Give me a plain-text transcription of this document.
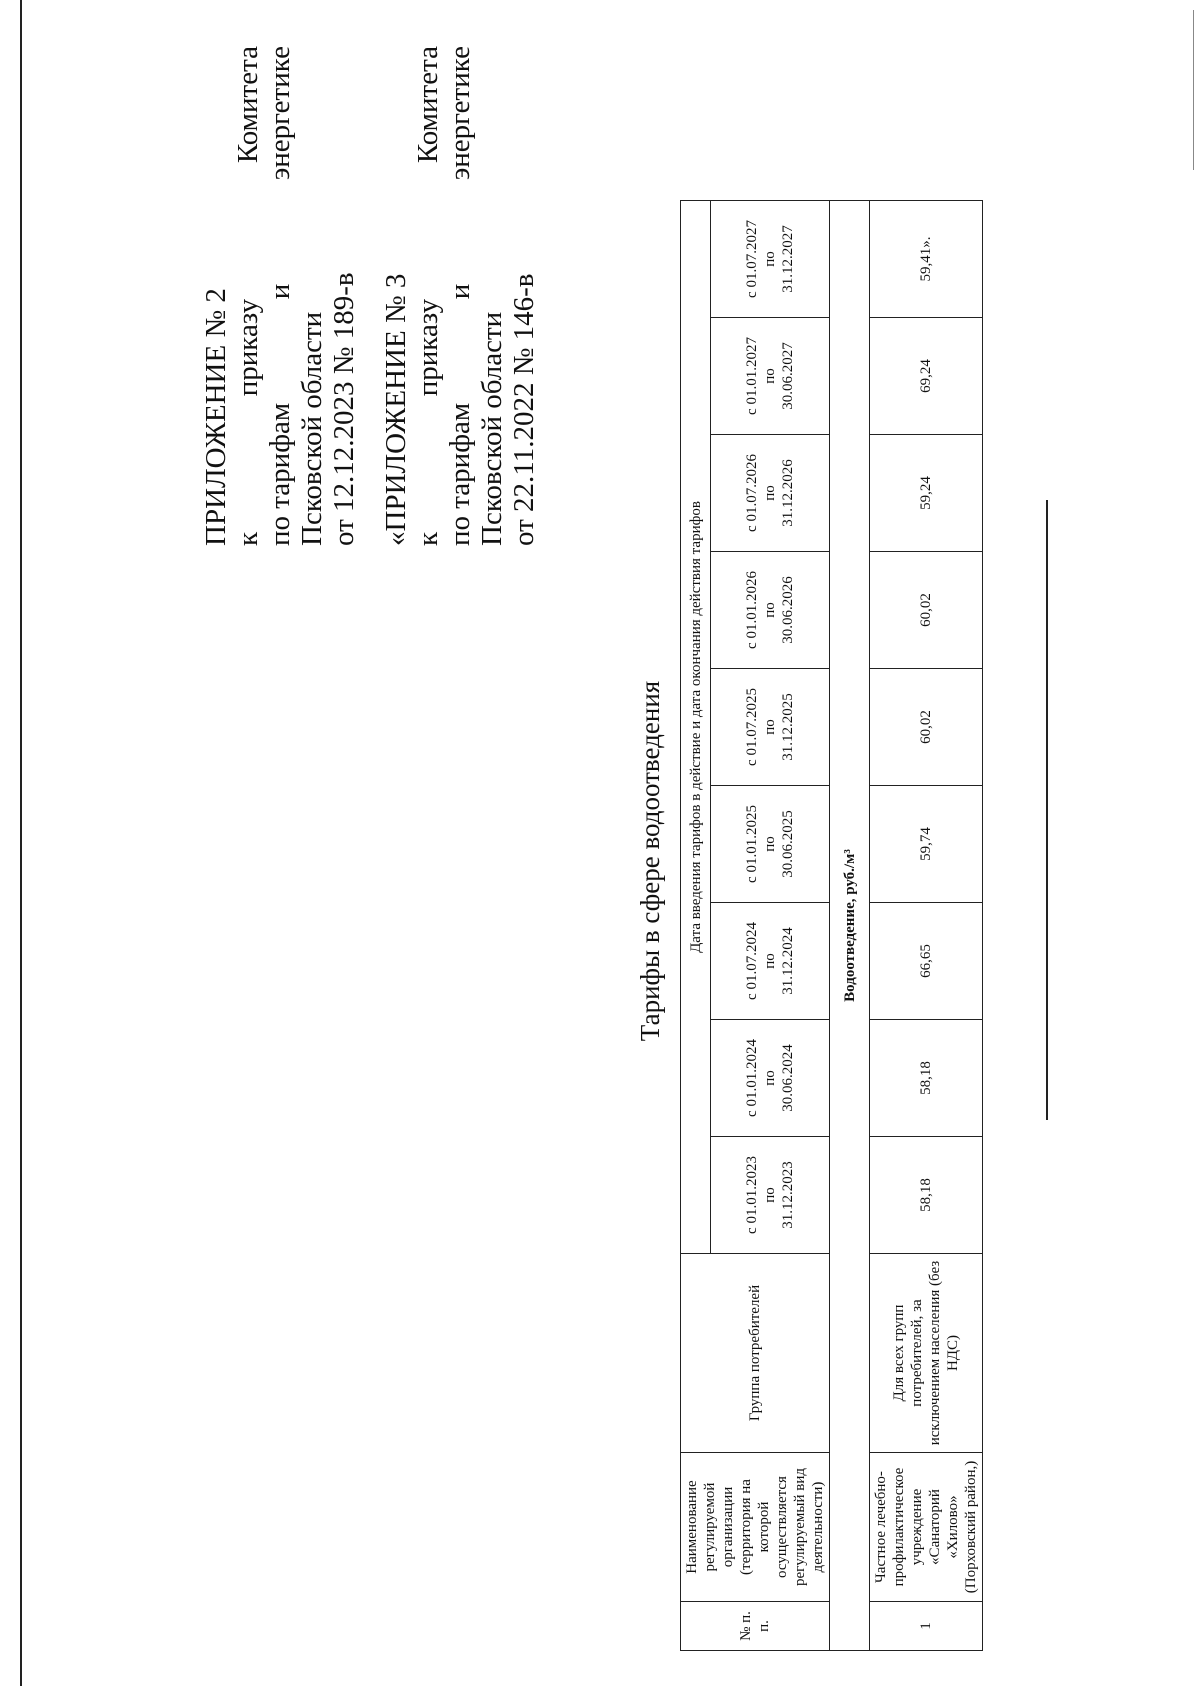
ПРИЛОЖЕНИЕ № 2 к
приказу
Комитета
по тарифам
и
энергетике
Псковской области от 12.12.2023 № 189-в «ПРИЛОЖЕНИЕ № 3 к
приказу
Комитета
по тарифам
и
энергетике
Псковской области от 22.11.2022 № 146-в
Тарифы в сфере водоотведения
№ п. п.	Наименование регулируемой организации (территория на которой осуществляется регулируемый вид деятельности)	Группа потребителей	Дата введения тарифов в действие и дата окончания действия тарифов								

			с 01.01.2023 по 31.12.2023	с 01.01.2024 по 30.06.2024	с 01.07.2024 по 31.12.2024	с 01.01.2025 по 30.06.2025	с 01.07.2025 по 31.12.2025	с 01.01.2026 по 30.06.2026	с 01.07.2026 по 31.12.2026	с 01.01.2027 по 30.06.2027	с 01.07.2027 по 31.12.2027

Водоотведение, руб./м³											
1	Частное лечебно-профилактическое учреждение «Санаторий «Хилово» (Порховский район,)	Для всех групп потребителей, за исключением населения (без НДС)	58,18	58,18	66,65	59,74	60,02	60,02	59,24	69,24	59,41».
